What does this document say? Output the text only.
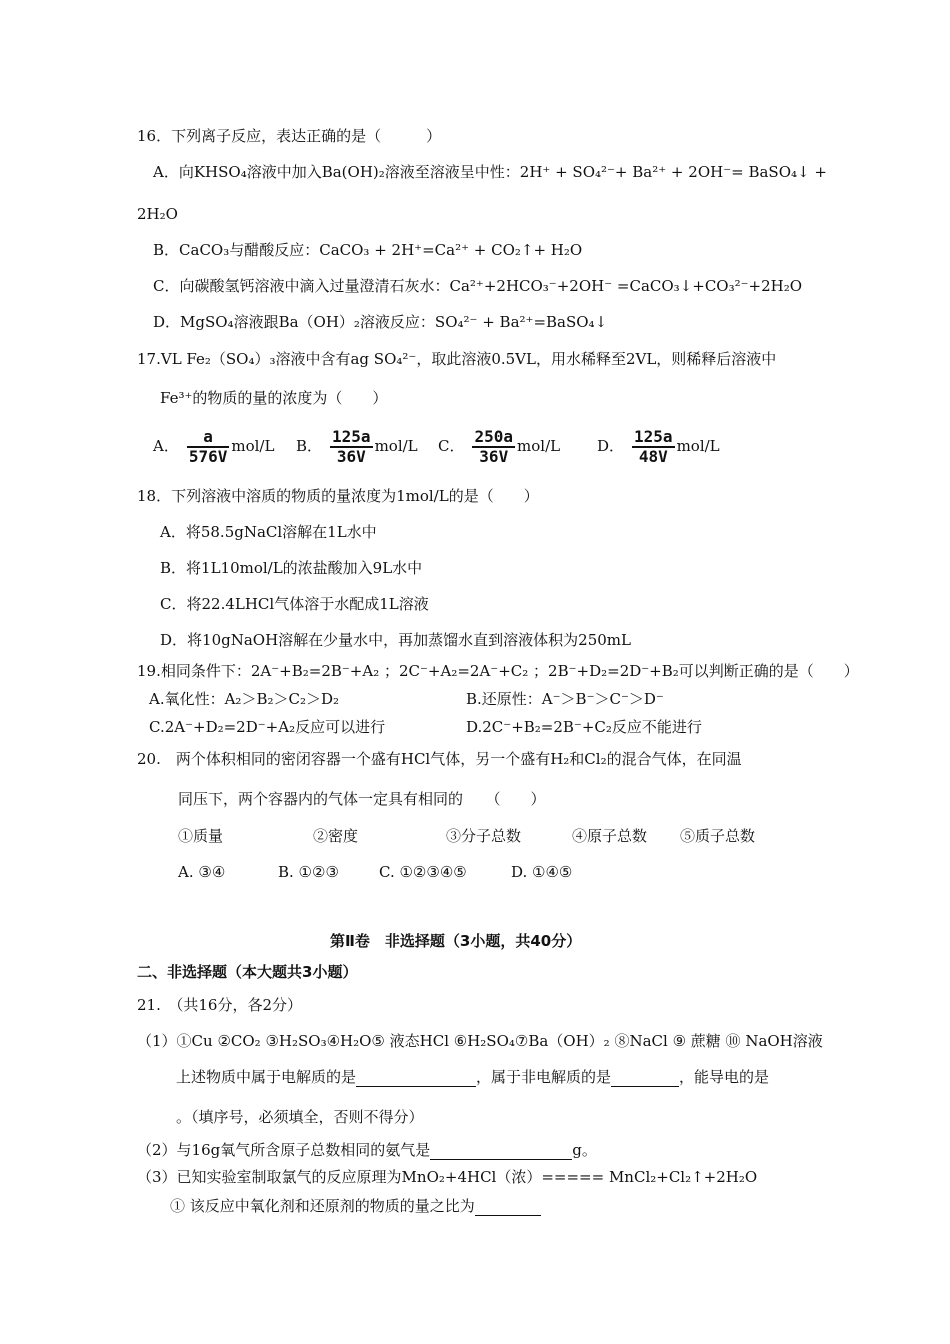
16．下列离子反应，表达正确的是（　　　）
A．向KHSO₄溶液中加入Ba(OH)₂溶液至溶液呈中性：2H⁺ + SO₄²⁻+ Ba²⁺ + 2OH⁻= BaSO₄↓ +
2H₂O
B．CaCO₃与醋酸反应：CaCO₃ + 2H⁺=Ca²⁺ + CO₂↑+ H₂O
C．向碳酸氢钙溶液中滴入过量澄清石灰水：Ca²⁺+2HCO₃⁻+2OH⁻ =CaCO₃↓+CO₃²⁻+2H₂O
D．MgSO₄溶液跟Ba（OH）₂溶液反应：SO₄²⁻ + Ba²⁺=BaSO₄↓
17.VL Fe₂（SO₄）₃溶液中含有ag SO₄²⁻，取此溶液0.5VL，用水稀释至2VL，则稀释后溶液中
Fe³⁺的物质的量的浓度为（　　）
A． $\frac{a}{576V} mol/L$ B． $\frac{125a}{36V} mol/L$ C． $\frac{250a}{36V} mol/L$ D． $\frac{125a}{48V} mol/L$
18．下列溶液中溶质的物质的量浓度为1mol/L的是（　　）
A．将58.5gNaCl溶解在1L水中
B．将1L10mol/L的浓盐酸加入9L水中
C．将22.4LHCl气体溶于水配成1L溶液
D．将10gNaOH溶解在少量水中，再加蒸馏水直到溶液体积为250mL
19.相同条件下：2A⁻+B₂=2B⁻+A₂ ；2C⁻+A₂=2A⁻+C₂ ；2B⁻+D₂=2D⁻+B₂可以判断正确的是（　　）
A.氧化性：A₂＞B₂＞C₂＞D₂	B.还原性：A⁻＞B⁻＞C⁻＞D⁻
C.2A⁻+D₂=2D⁻+A₂反应可以进行	D.2C⁻+B₂=2B⁻+C₂反应不能进行
20.　两个体积相同的密闭容器一个盛有HCl气体，另一个盛有H₂和Cl₂的混合气体，在同温
同压下，两个容器内的气体一定具有相同的　　（　　）
①质量	②密度	③分子总数	④原子总数 ⑤质子总数
A. ③④	B. ①②③	C. ①②③④⑤	D. ①④⑤
第Ⅱ卷　非选择题（3小题，共40分）
二、非选择题（本大题共3小题）
21.　（共16分，各2分）
（1）①Cu ②CO₂ ③H₂SO₃④H₂O⑤ 液态HCl ⑥H₂SO₄⑦Ba（OH）₂ ⑧NaCl ⑨ 蔗糖 ⑩ NaOH溶液
上述物质中属于电解质的是	，属于非电解质的是	，能导电的是
。（填序号，必须填全，否则不得分）
（2）与16g氧气所含原子总数相同的氨气是	g。
（3）已知实验室制取氯气的反应原理为MnO₂+4HCl（浓）===== MnCl₂+Cl₂↑+2H₂O
① 该反应中氧化剂和还原剂的物质的量之比为
